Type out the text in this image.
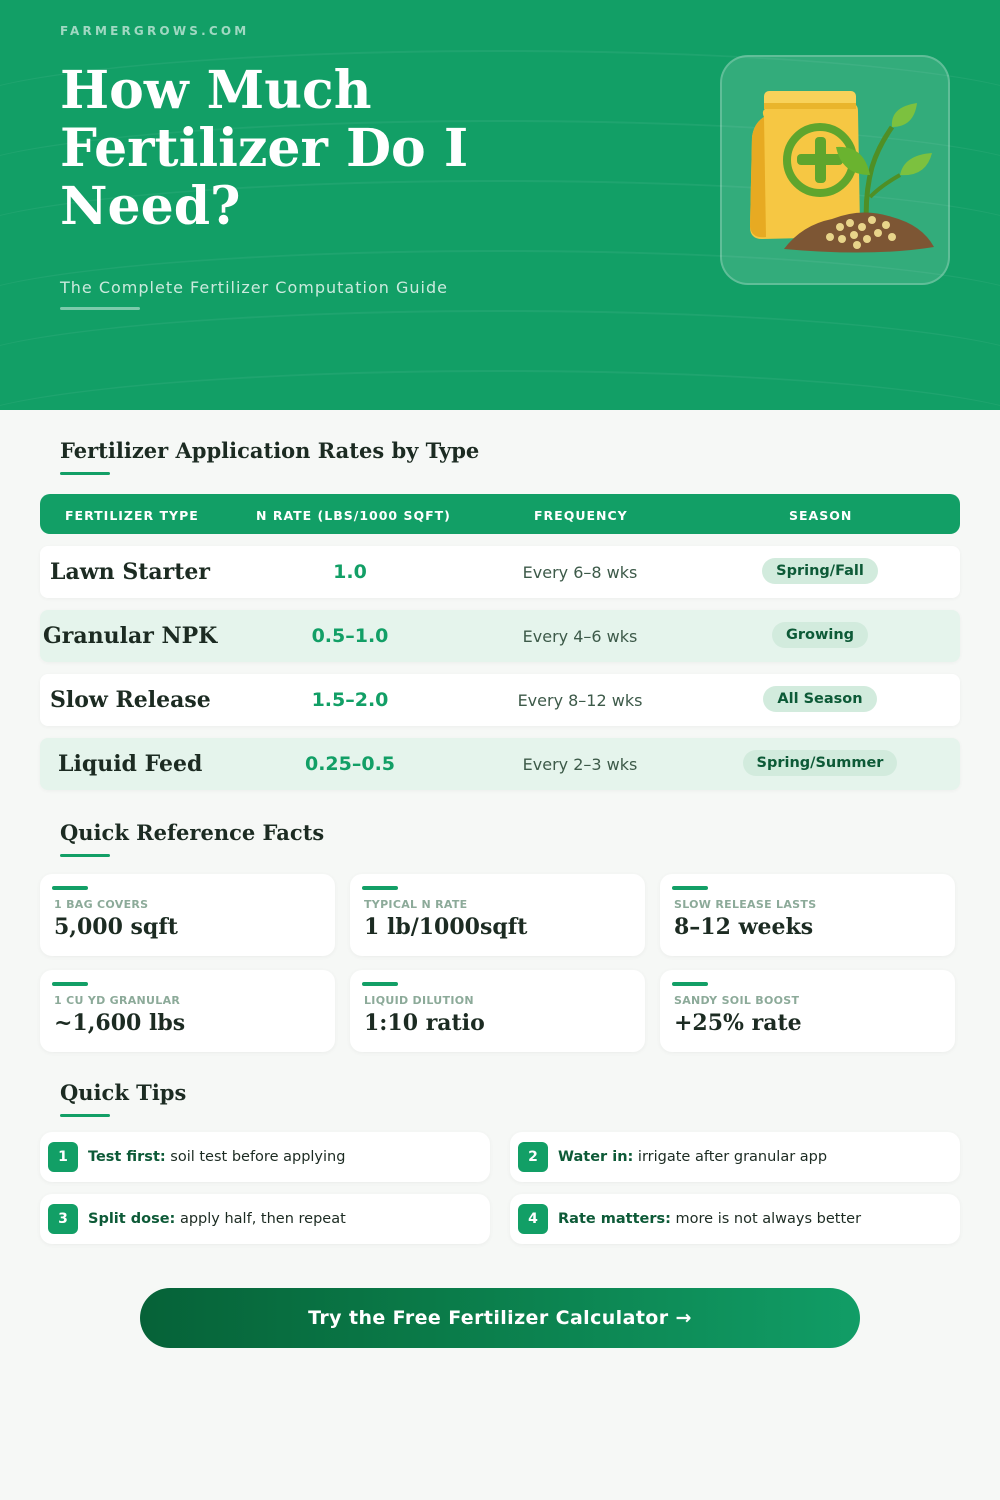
FARMERGROWS.COM
How Much Fertilizer Do I Need?
The Complete Fertilizer Computation Guide
Fertilizer Application Rates by Type
FERTILIZER TYPE	N RATE (LBS/1000 SQFT)	FREQUENCY	SEASON
Lawn Starter	1.0	Every 6–8 wks	Spring/Fall
Granular NPK	0.5–1.0	Every 4–6 wks	Growing
Slow Release	1.5–2.0	Every 8–12 wks	All Season
Liquid Feed	0.25–0.5	Every 2–3 wks	Spring/Summer
Quick Reference Facts
1 BAG COVERS
5,000 sqft
TYPICAL N RATE
1 lb/1000sqft
SLOW RELEASE LASTS
8–12 weeks
1 CU YD GRANULAR
~1,600 lbs
LIQUID DILUTION
1:10 ratio
SANDY SOIL BOOST
+25% rate
Quick Tips
1	Test first: soil test before applying	2	Water in: irrigate after granular app
3	Split dose: apply half, then repeat	4	Rate matters: more is not always better
Try the Free Fertilizer Calculator →
